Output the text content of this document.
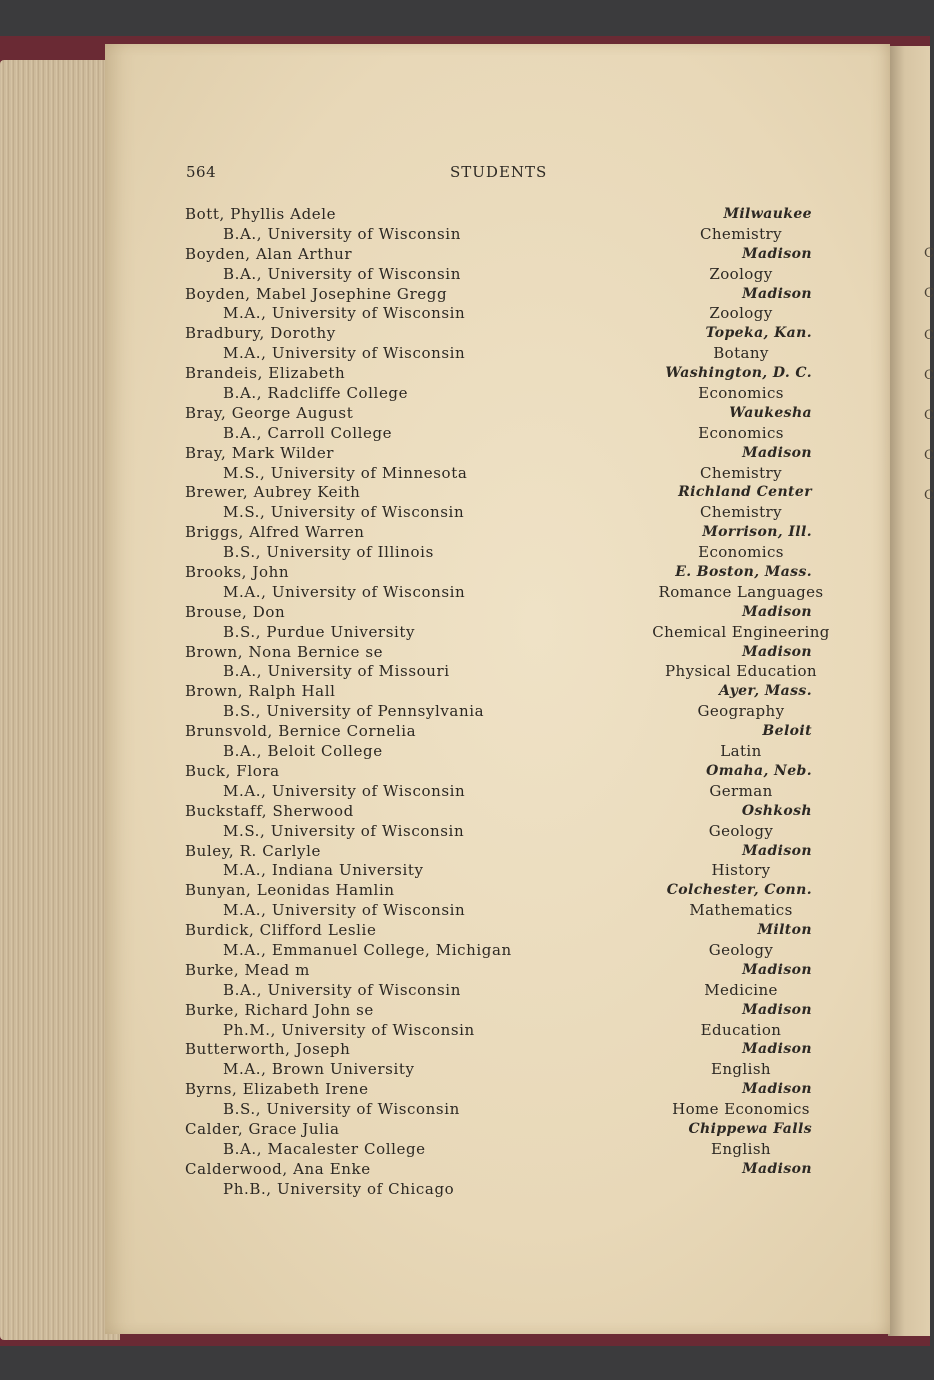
C
C
C
C
C
C
C
564	STUDENTS
Bott, Phyllis Adele	Milwaukee
B.A., University of Wisconsin	Chemistry
Boyden, Alan Arthur	Madison
B.A., University of Wisconsin	Zoology
Boyden, Mabel Josephine Gregg	Madison
M.A., University of Wisconsin	Zoology
Bradbury, Dorothy	Topeka, Kan.
M.A., University of Wisconsin	Botany
Brandeis, Elizabeth	Washington, D. C.
B.A., Radcliffe College	Economics
Bray, George August	Waukesha
B.A., Carroll College	Economics
Bray, Mark Wilder	Madison
M.S., University of Minnesota	Chemistry
Brewer, Aubrey Keith	Richland Center
M.S., University of Wisconsin	Chemistry
Briggs, Alfred Warren	Morrison, Ill.
B.S., University of Illinois	Economics
Brooks, John	E. Boston, Mass.
M.A., University of Wisconsin	Romance Languages
Brouse, Don	Madison
B.S., Purdue University	Chemical Engineering
Brown, Nona Bernice se	Madison
B.A., University of Missouri	Physical Education
Brown, Ralph Hall	Ayer, Mass.
B.S., University of Pennsylvania	Geography
Brunsvold, Bernice Cornelia	Beloit
B.A., Beloit College	Latin
Buck, Flora	Omaha, Neb.
M.A., University of Wisconsin	German
Buckstaff, Sherwood	Oshkosh
M.S., University of Wisconsin	Geology
Buley, R. Carlyle	Madison
M.A., Indiana University	History
Bunyan, Leonidas Hamlin	Colchester, Conn.
M.A., University of Wisconsin	Mathematics
Burdick, Clifford Leslie	Milton
M.A., Emmanuel College, Michigan	Geology
Burke, Mead m	Madison
B.A., University of Wisconsin	Medicine
Burke, Richard John se	Madison
Ph.M., University of Wisconsin	Education
Butterworth, Joseph	Madison
M.A., Brown University	English
Byrns, Elizabeth Irene	Madison
B.S., University of Wisconsin	Home Economics
Calder, Grace Julia	Chippewa Falls
B.A., Macalester College	English
Calderwood, Ana Enke	Madison
Ph.B., University of Chicago
